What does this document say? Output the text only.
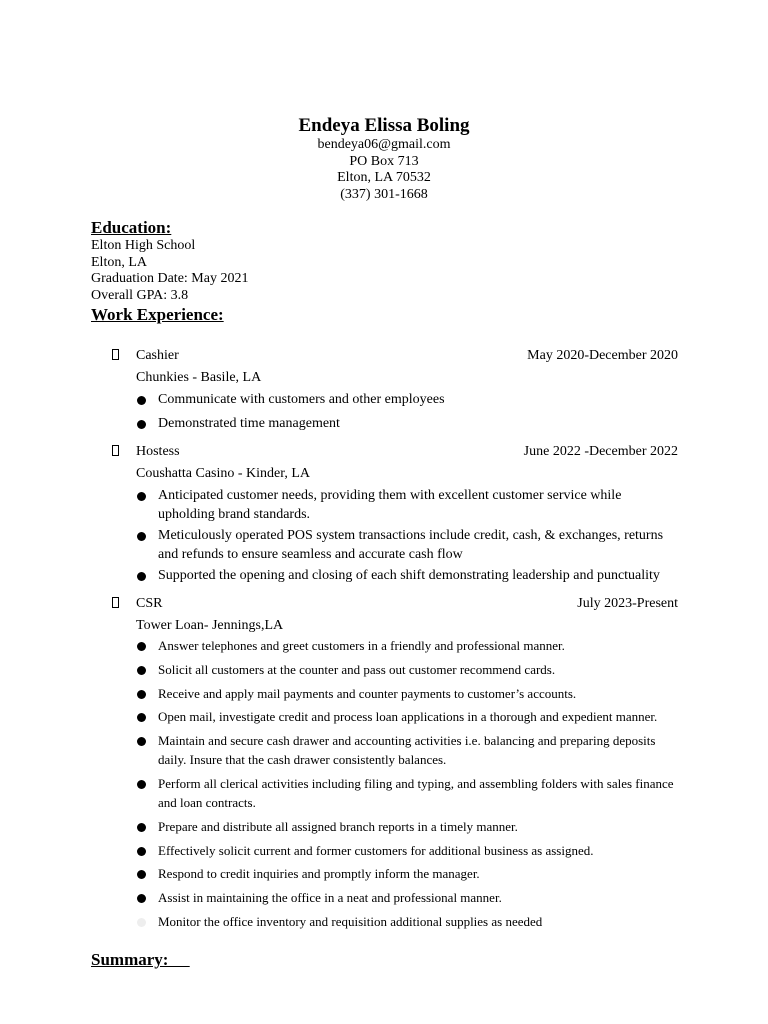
Endeya Elissa Boling
bendeya06@gmail.com
PO Box 713
Elton, LA 70532
(337) 301-1668
Education:
Elton High School
Elton, LA
Graduation Date: May 2021
Overall GPA: 3.8
Work Experience:
Cashier	May 2020-December 2020
Chunkies - Basile, LA
Communicate with customers and other employees
Demonstrated time management
Hostess	June 2022 -December 2022
Coushatta Casino - Kinder, LA
Anticipated customer needs, providing them with excellent customer service while upholding brand standards.
Meticulously operated POS system transactions include credit, cash, & exchanges, returns and refunds to ensure seamless and accurate cash flow
Supported the opening and closing of each shift demonstrating leadership and punctuality
CSR	July 2023-Present
Tower Loan- Jennings,LA
Answer telephones and greet customers in a friendly and professional manner.
Solicit all customers at the counter and pass out customer recommend cards.
Receive and apply mail payments and counter payments to customer’s accounts.
Open mail, investigate credit and process loan applications in a thorough and expedient manner.
Maintain and secure cash drawer and accounting activities i.e. balancing and preparing deposits daily. Insure that the cash drawer consistently balances.
Perform all clerical activities including filing and typing, and assembling folders with sales finance and loan contracts.
Prepare and distribute all assigned branch reports in a timely manner.
Effectively solicit current and former customers for additional business as assigned.
Respond to credit inquiries and promptly inform the manager.
Assist in maintaining the office in a neat and professional manner.
Monitor the office inventory and requisition additional supplies as needed
Summary:
